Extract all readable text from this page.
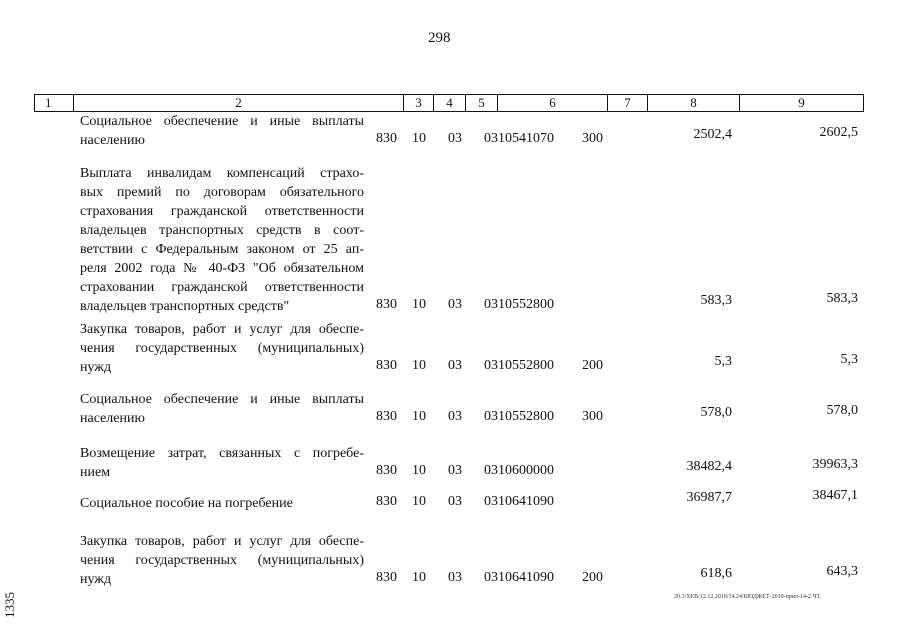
298
1	2	3	4	5	6	7	8	9
Социальное обеспечение и иные выплаты
населению	830 10 03 0310541070 300	2502,4	2602,5
Выплата инвалидам компенсаций страхо-
вых премий по договорам обязательного
страхования гражданской ответственности
владельцев транспортных средств в соот-
ветствии с Федеральным законом от 25 ап-
реля 2002 года № 40-ФЗ "Об обязательном
страховании гражданской ответственности
владельцев транспортных средств"	830 10 03 0310552800	583,3	583,3
Закупка товаров, работ и услуг для обеспе-
чения государственных (муниципальных)
нужд	830 10 03 0310552800 200	5,3	5,3
Социальное обеспечение и иные выплаты
населению	830 10 03 0310552800 300	578,0	578,0
Возмещение затрат, связанных с погребе-
нием	830 10 03 0310600000	38482,4	39963,3
Социальное пособие на погребение	830 10 03 0310641090	36987,7	38467,1
Закупка товаров, работ и услуг для обеспе-
чения государственных (муниципальных)
нужд	830 10 03 0310641090 200	618,6	643,3
20.3/ХЕВ/12.12.2018/14.24/БЮДЖЕТ-2019-прил-14-2.ЧТ.
1335
